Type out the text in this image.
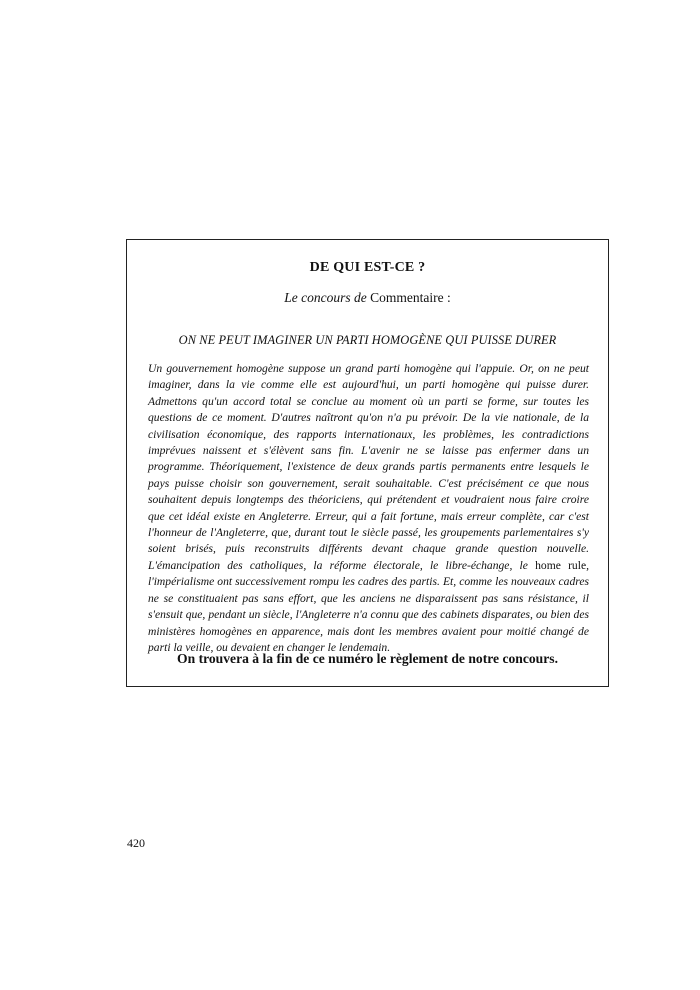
DE QUI EST-CE ?
Le concours de Commentaire :
ON NE PEUT IMAGINER UN PARTI HOMOGÈNE QUI PUISSE DURER
Un gouvernement homogène suppose un grand parti homogène qui l'appuie. Or, on ne peut imaginer, dans la vie comme elle est aujourd'hui, un parti homogène qui puisse durer. Admettons qu'un accord total se conclue au moment où un parti se forme, sur toutes les questions de ce moment. D'autres naîtront qu'on n'a pu prévoir. De la vie nationale, de la civilisation économique, des rapports internationaux, les problèmes, les contradictions imprévues naissent et s'élèvent sans fin. L'avenir ne se laisse pas enfermer dans un programme. Théoriquement, l'existence de deux grands partis permanents entre lesquels le pays puisse choisir son gouvernement, serait souhaitable. C'est précisément ce que nous souhaitent depuis longtemps des théoriciens, qui prétendent et voudraient nous faire croire que cet idéal existe en Angleterre. Erreur, qui a fait fortune, mais erreur complète, car c'est l'honneur de l'Angleterre, que, durant tout le siècle passé, les groupements parlementaires s'y soient brisés, puis reconstruits différents devant chaque grande question nouvelle. L'émancipation des catholiques, la réforme électorale, le libre-échange, le home rule, l'impérialisme ont successivement rompu les cadres des partis. Et, comme les nouveaux cadres ne se constituaient pas sans effort, que les anciens ne disparaissent pas sans résistance, il s'ensuit que, pendant un siècle, l'Angleterre n'a connu que des cabinets disparates, ou bien des ministères homogènes en apparence, mais dont les membres avaient pour moitié changé de parti la veille, ou devaient en changer le lendemain.
On trouvera à la fin de ce numéro le règlement de notre concours.
420
